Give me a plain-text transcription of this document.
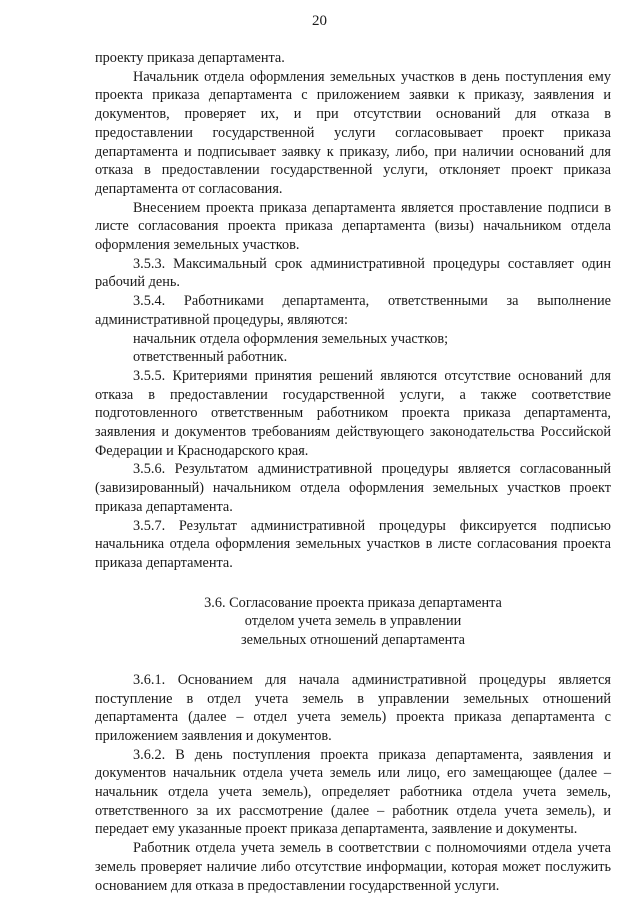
20

проекту приказа департамента.

Начальник отдела оформления земельных участков в день поступления ему проекта приказа департамента с приложением заявки к приказу, заявления и документов, проверяет их, и при отсутствии оснований для отказа в предоставлении государственной услуги согласовывает проект приказа департамента и подписывает заявку к приказу, либо, при наличии оснований для отказа в предоставлении государственной услуги, отклоняет проект приказа департамента от согласования.

Внесением проекта приказа департамента является проставление подписи в листе согласования проекта приказа департамента (визы) начальником отдела оформления земельных участков.

3.5.3. Максимальный срок административной процедуры составляет один рабочий день.

3.5.4. Работниками департамента, ответственными за выполнение административной процедуры, являются:

начальник отдела оформления земельных участков;

ответственный работник.

3.5.5. Критериями принятия решений являются отсутствие оснований для отказа в предоставлении государственной услуги, а также соответствие подготовленного ответственным работником проекта приказа департамента, заявления и документов требованиям действующего законодательства Российской Федерации и Краснодарского края.

3.5.6. Результатом административной процедуры является согласованный (завизированный) начальником отдела оформления земельных участков проект приказа департамента.

3.5.7. Результат административной процедуры фиксируется подписью начальника отдела оформления земельных участков в листе согласования проекта приказа департамента.

3.6. Согласование проекта приказа департамента
отделом учета земель в управлении
земельных отношений департамента

3.6.1. Основанием для начала административной процедуры является поступление в отдел учета земель в управлении земельных отношений департамента (далее – отдел учета земель) проекта приказа департамента с приложением заявления и документов.

3.6.2. В день поступления проекта приказа департамента, заявления и документов начальник отдела учета земель или лицо, его замещающее (далее – начальник отдела учета земель), определяет работника отдела учета земель, ответственного за их рассмотрение (далее – работник отдела учета земель), и передает ему указанные проект приказа департамента, заявление и документы.

Работник отдела учета земель в соответствии с полномочиями отдела учета земель проверяет наличие либо отсутствие информации, которая может послужить основанием для отказа в предоставлении государственной услуги.
